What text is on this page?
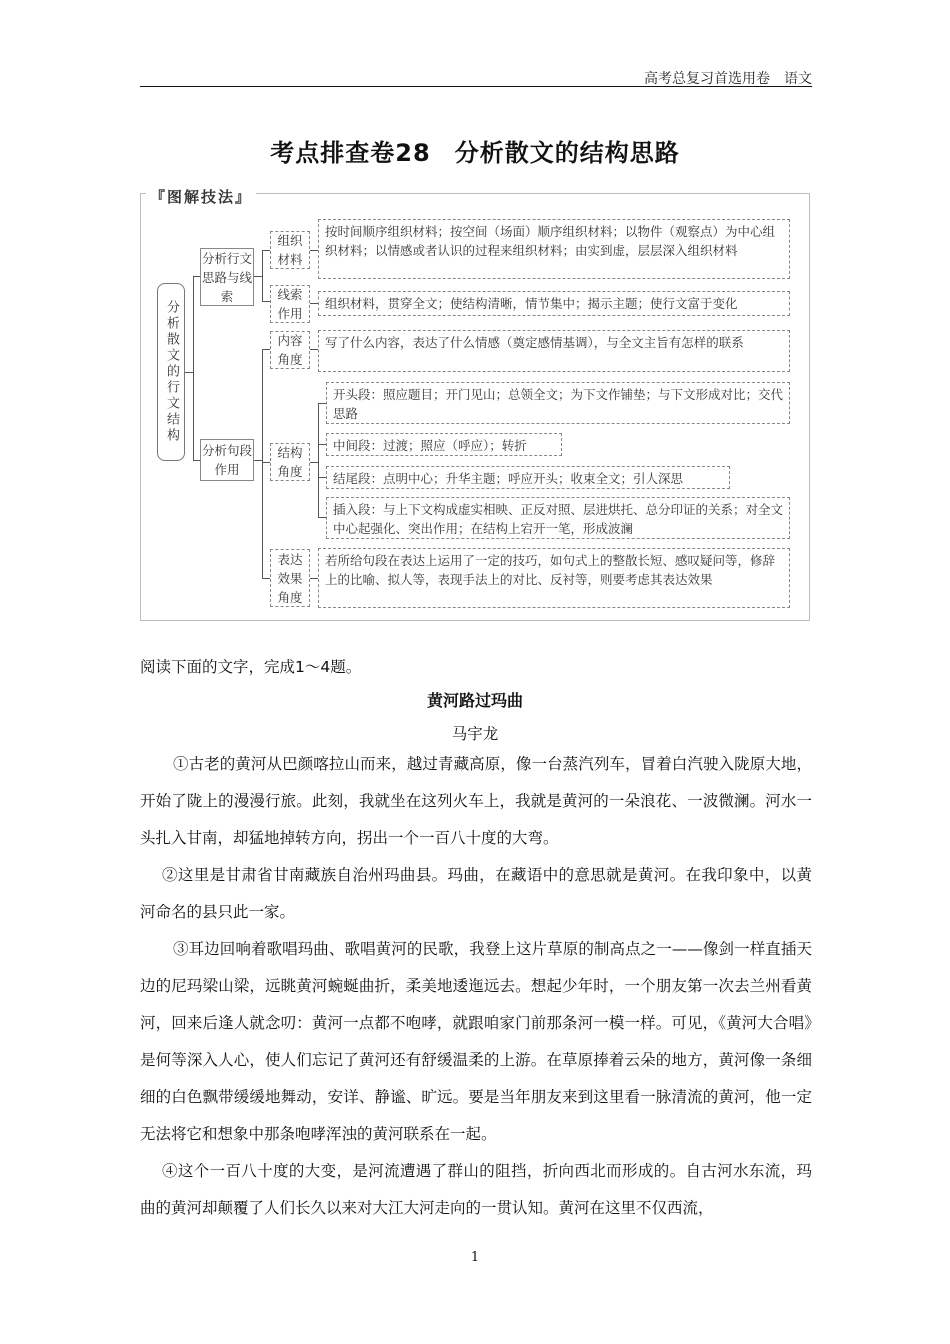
高考总复习首选用卷　语文
考点排查卷28 分析散文的结构思路
『图解技法』
分析散文的行文结构
分析行文思路与线索
分析句段作用
组织材料
线索作用
内容角度
结构角度
表达效果角度
按时间顺序组织材料；按空间（场面）顺序组织材料；以物件（观察点）为中心组织材料；以情感或者认识的过程来组织材料；由实到虚，层层深入组织材料
组织材料，贯穿全文；使结构清晰，情节集中；揭示主题；使行文富于变化
写了什么内容，表达了什么情感（奠定感情基调），与全文主旨有怎样的联系
开头段：照应题目；开门见山；总领全文；为下文作铺垫；与下文形成对比；交代思路
中间段：过渡；照应（呼应）；转折
结尾段：点明中心；升华主题；呼应开头；收束全文；引人深思
插入段：与上下文构成虚实相映、正反对照、层进烘托、总分印证的关系；对全文中心起强化、突出作用；在结构上宕开一笔，形成波澜
若所给句段在表达上运用了一定的技巧，如句式上的整散长短、感叹疑问等，修辞上的比喻、拟人等，表现手法上的对比、反衬等，则要考虑其表达效果
阅读下面的文字，完成1～4题。
黄河路过玛曲
马宇龙
①古老的黄河从巴颜喀拉山而来，越过青藏高原，像一台蒸汽列车，冒着白汽驶入陇原大地，开始了陇上的漫漫行旅。此刻，我就坐在这列火车上，我就是黄河的一朵浪花、一波微澜。河水一头扎入甘南，却猛地掉转方向，拐出一个一百八十度的大弯。
②这里是甘肃省甘南藏族自治州玛曲县。玛曲，在藏语中的意思就是黄河。在我印象中，以黄河命名的县只此一家。
③耳边回响着歌唱玛曲、歌唱黄河的民歌，我登上这片草原的制高点之一——像剑一样直插天边的尼玛梁山梁，远眺黄河蜿蜒曲折，柔美地逶迤远去。想起少年时，一个朋友第一次去兰州看黄河，回来后逢人就念叨：黄河一点都不咆哮，就跟咱家门前那条河一模一样。可见，《黄河大合唱》是何等深入人心，使人们忘记了黄河还有舒缓温柔的上游。在草原捧着云朵的地方，黄河像一条细细的白色飘带缓缓地舞动，安详、静谧、旷远。要是当年朋友来到这里看一脉清流的黄河，他一定无法将它和想象中那条咆哮浑浊的黄河联系在一起。
④这个一百八十度的大变，是河流遭遇了群山的阻挡，折向西北而形成的。自古河水东流，玛曲的黄河却颠覆了人们长久以来对大江大河走向的一贯认知。黄河在这里不仅西流，
1
